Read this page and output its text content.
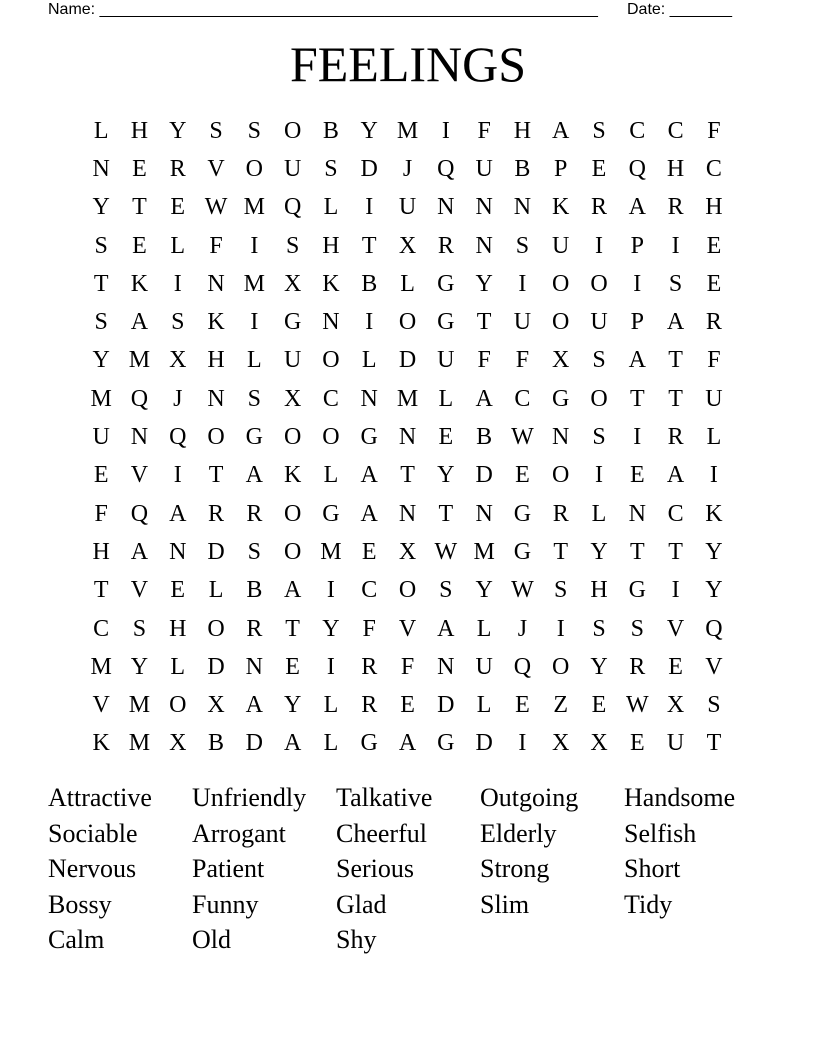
Name: ________________________________________________________ Date: _______
FEELINGS
L H Y S	S O B Y M I	F H A S C C F
N E R V O U S D	J	Q U B P	E Q H C
Y T E W M Q L	I	U N N N K R A R H
S	E L	F	I	S H T X R N S U	I	P	I	E
T K	I	N M X K B L G Y	I	O O	I	S	E
S A S K	I	G N	I	O G T U O U P A R
Y M X H L U O L D U F	F X S A T	F
M Q	J	N S X C N M L A C G O T T U
U N Q O G O O G N E B W N S	I	R L
E V	I	T A K L A T Y D E O	I	E A	I
F Q A R R O G A N T N G R L N C K
H A N D S O M E X W M G T Y T T Y
T V E L B A	I	C O S Y W S H G	I	Y
C S H O R T Y F V A L	J	I	S	S V Q
M Y L D N E	I	R F N U Q O Y R E V
V M O X A Y L R E D L E Z E W X S
K M X B D A L G A G D	I	X X E U T
Attractive	Unfriendly	Talkative	Outgoing	Handsome
Sociable	Arrogant	Cheerful	Elderly	Selfish
Nervous	Patient	Serious	Strong	Short
Bossy	Funny	Glad	Slim	Tidy
Calm	Old	Shy
